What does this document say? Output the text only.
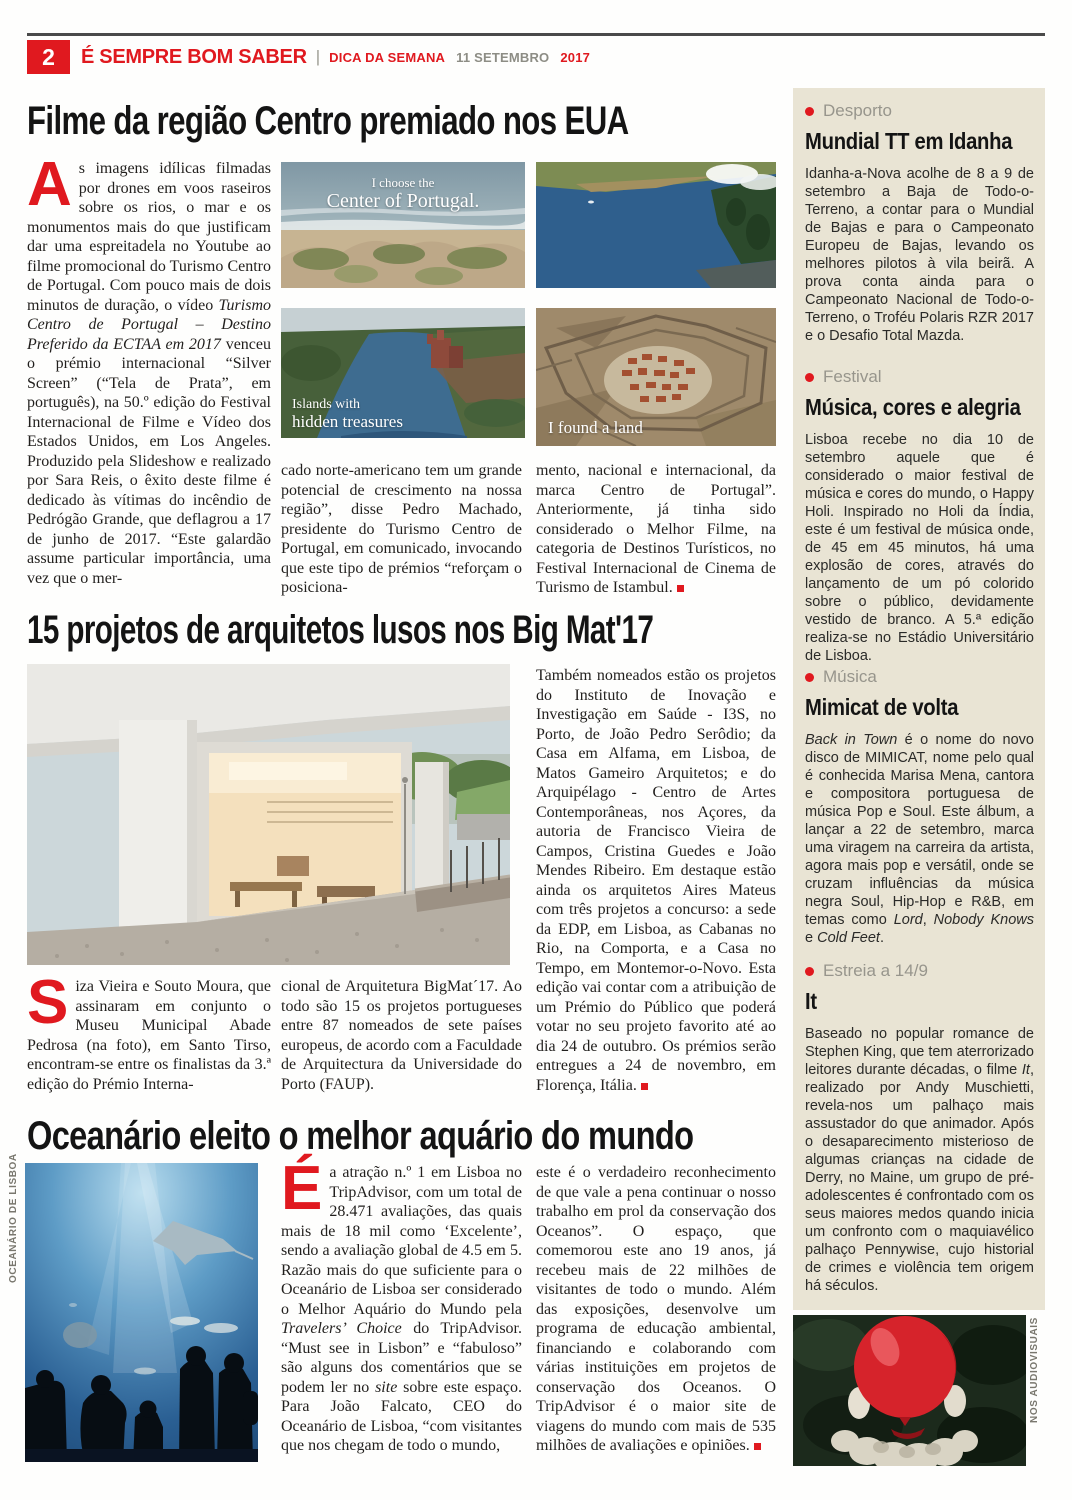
2	É SEMPRE BOM SABER | DICA DA SEMANA 11 SETEMBRO 2017
Filme da região Centro premiado nos EUA

As imagens idílicas filmadas por drones em voos raseiros sobre os rios, o mar e os monumentos mais do que justificam dar uma espreitadela no Youtube ao filme promocional do Turismo Centro de Portugal. Com pouco mais de dois minutos de duração, o vídeo Turismo Centro de Portugal – Destino Preferido da ECTAA em 2017 venceu o prémio internacional “Silver Screen” (“Tela de Prata”, em português), na 50.º edição do Festival Internacional de Filme e Vídeo dos Estados Unidos, em Los Angeles. Produzido pela Slideshow e realizado por Sara Reis, o êxito deste filme é dedicado às vítimas do incêndio de Pedrógão Grande, que deflagrou a 17 de junho de 2017. “Este galardão assume particular importância, uma vez que o mer-

cado norte-americano tem um grande potencial de crescimento na nossa região”, disse Pedro Machado, presidente do Turismo Centro de Portugal, em comunicado, invocando que este tipo de prémios “reforçam o posiciona-

mento, nacional e internacional, da marca Centro de Portugal”. Anteriormente, já tinha sido considerado o Melhor Filme, na categoria de Destinos Turísticos, no Festival Internacional de Cinema de Turismo de Istambul.

I choose the
Center of Portugal.
Islands with
hidden treasures	I found a land
15 projetos de arquitetos lusos nos Big Mat'17

Também nomeados estão os projetos do Instituto de Inovação e Investigação em Saúde - I3S, no Porto, de João Pedro Serôdio; da Casa em Alfama, em Lisboa, de Matos Gameiro Arquitetos; e do Arquipélago - Centro de Artes Contemporâneas, nos Açores, da autoria de Francisco Vieira de Campos, Cristina Guedes e João Mendes Ribeiro. Em destaque estão ainda os arquitetos Aires Mateus com três projetos a concurso: a sede da EDP, em Lisboa, as Cabanas no Rio, na Comporta, e a Casa no Tempo, em Montemor-o-Novo. Esta edição vai contar com a atribuição de um Prémio do Público que poderá votar no seu projeto favorito até ao dia 24 de outubro. Os prémios serão entregues a 24 de novembro, em Florença, Itália.

Siza Vieira e Souto Moura, que assinaram em conjunto o Museu Municipal Abade Pedrosa (na foto), em Santo Tirso, encontram-se entre os finalistas da 3.ª edição do Prémio Interna-

cional de Arquitetura BigMat´17. Ao todo são 15 os projetos portugueses entre 87 nomeados de sete países europeus, de acordo com a Faculdade de Arquitectura da Universidade do Porto (FAUP).

Oceanário eleito o melhor aquário do mundo
OCEANÁRIO DE LISBOA	Éa atração n.º 1 em Lisboa no TripAdvisor, com um total de 28.471 avaliações, das quais mais de 18 mil como ‘Excelente’, sendo a avaliação global de 4.5 em 5. Razão mais do que suficiente para o Oceanário de Lisboa ser considerado o Melhor Aquário do Mundo pela Travelers’ Choice do TripAdvisor. “Must see in Lisbon” e “fabuloso” são alguns dos comentários que se podem ler no site sobre este espaço. Para João Falcato, CEO do Oceanário de Lisboa, “com visitantes que nos chegam de todo o mundo,

este é o verdadeiro reconhecimento de que vale a pena continuar o nosso trabalho em prol da conservação dos Oceanos”. O espaço, que comemorou este ano 19 anos, já recebeu mais de 22 milhões de visitantes de todo o mundo. Além das exposições, desenvolve um programa de educação ambiental, financiando e colaborando com várias instituições em projetos de conservação dos Oceanos. O TripAdvisor é o maior site de viagens do mundo com mais de 535 milhões de avaliações e opiniões.

Desporto
Mundial TT em Idanha
Idanha-a-Nova acolhe de 8 a 9 de setembro a Baja de Todo-o-Terreno, a contar para o Mundial de Bajas e para o Campeonato Europeu de Bajas, levando os melhores pilotos à vila beirã. A prova conta ainda para o Campeonato Nacional de Todo-o-Terreno, o Troféu Polaris RZR 2017 e o Desafio Total Mazda.
Festival
Música, cores e alegria
Lisboa recebe no dia 10 de setembro aquele que é considerado o maior festival de música e cores do mundo, o Happy Holi. Inspirado no Holi da Índia, este é um festival de música onde, de 45 em 45 minutos, há uma explosão de cores, através do lançamento de um pó colorido sobre o público, devidamente vestido de branco. A 5.ª edição realiza-se no Estádio Universitário de Lisboa.
Música
Mimicat de volta
Back in Town é o nome do novo disco de MIMICAT, nome pelo qual é conhecida Marisa Mena, cantora e compositora portuguesa de música Pop e Soul. Este álbum, a lançar a 22 de setembro, marca uma viragem na carreira da artista, agora mais pop e versátil, onde se cruzam influências da música negra Soul, Hip-Hop e R&B, em temas como Lord, Nobody Knows e Cold Feet.
Estreia a 14/9
It
Baseado no popular romance de Stephen King, que tem aterrorizado leitores durante décadas, o filme It, realizado por Andy Muschietti, revela-nos um palhaço mais assustador do que animador. Após o desaparecimento misterioso de algumas crianças na cidade de Derry, no Maine, um grupo de pré-adolescentes é confrontado com os seus maiores medos quando inicia um confronto com o maquiavélico palhaço Pennywise, cujo historial de crimes e violência tem origem há séculos.
NOS AUDIOVISUAIS
